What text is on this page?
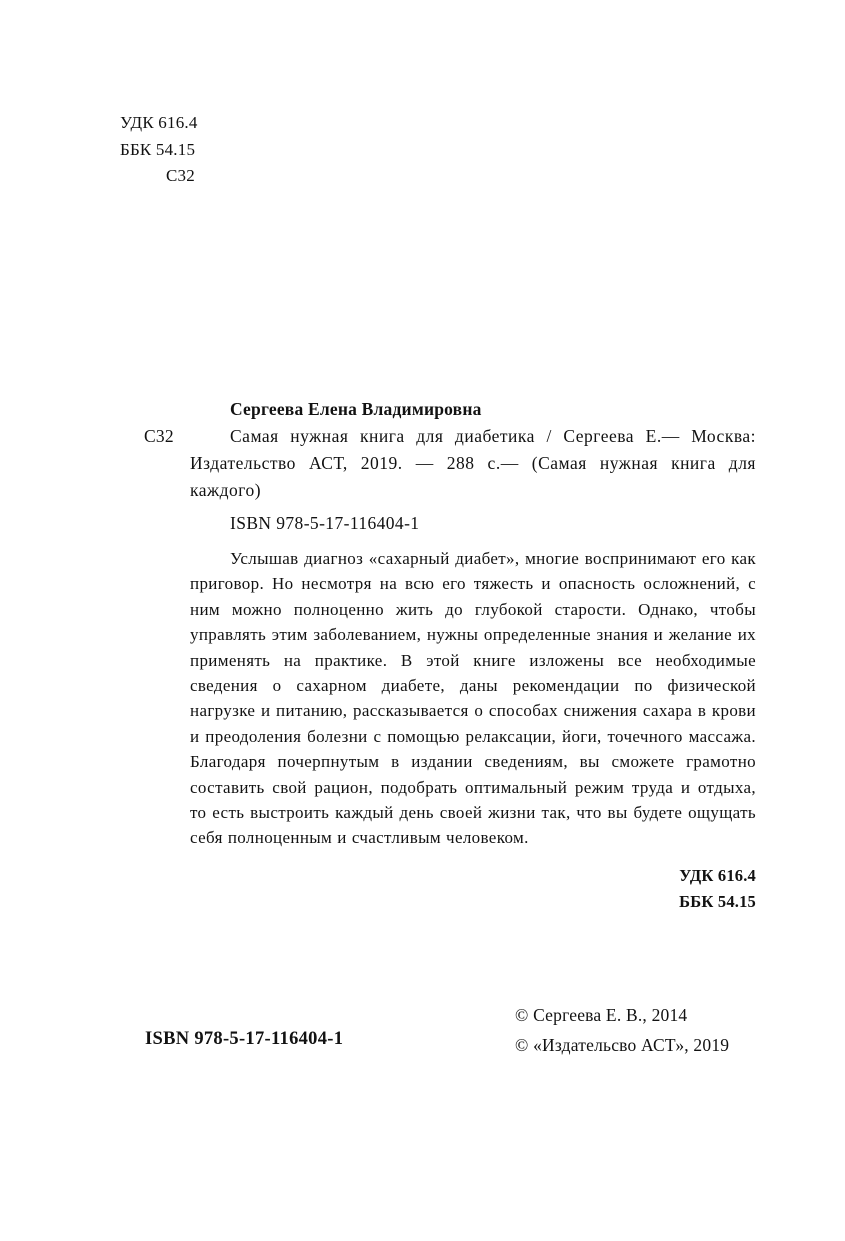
УДК 616.4
ББК 54.15
С32

Сергеева Елена Владимировна

С32	Самая нужная книга для диабетика / Сергеева Е.— Москва: Издательство АСТ, 2019. — 288 с.— (Самая нужная книга для каждого)

ISBN 978-5-17-116404-1

Услышав диагноз «сахарный диабет», многие воспринимают его как приговор. Но несмотря на всю его тяжесть и опасность осложнений, с ним можно полноценно жить до глубокой старости. Однако, чтобы управлять этим заболеванием, нужны определенные знания и желание их применять на практике. В этой книге изложены все необходимые сведения о сахарном диабете, даны рекомендации по физической нагрузке и питанию, рассказывается о способах снижения сахара в крови и преодоления болезни с помощью релаксации, йоги, точечного массажа. Благодаря почерпнутым в издании сведениям, вы сможете грамотно составить свой рацион, подобрать оптимальный режим труда и отдыха, то есть выстроить каждый день своей жизни так, что вы будете ощущать себя полноценным и счастливым человеком.

УДК 616.4
ББК 54.15
ISBN 978-5-17-116404-1
© Сергеева Е. В., 2014
© «Издательсво АСТ», 2019
